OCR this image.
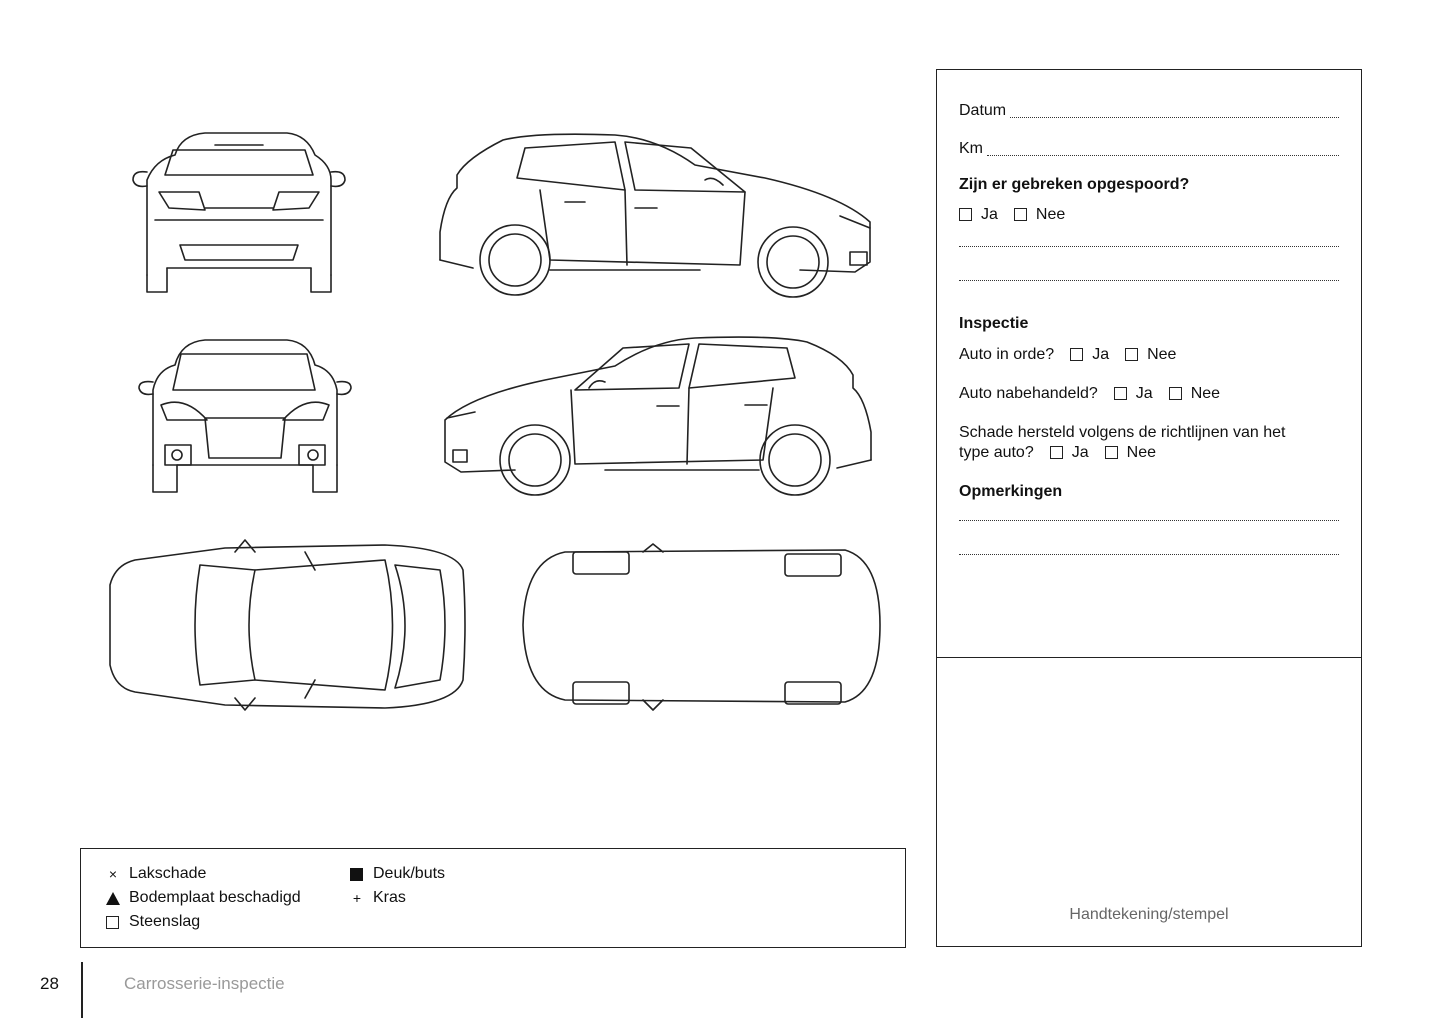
Datum
Km
Zijn er gebreken opgespoord?
Ja Nee
Inspectie
Auto in orde? Ja Nee
Auto nabehandeld? Ja Nee
Schade hersteld volgens de richtlijnen van het
type auto? Ja Nee
Opmerkingen
Handtekening/stempel
× Lakschade
Bodemplaat beschadigd
Steenslag
Deuk/buts
+ Kras
28	Carrosserie-inspectie
